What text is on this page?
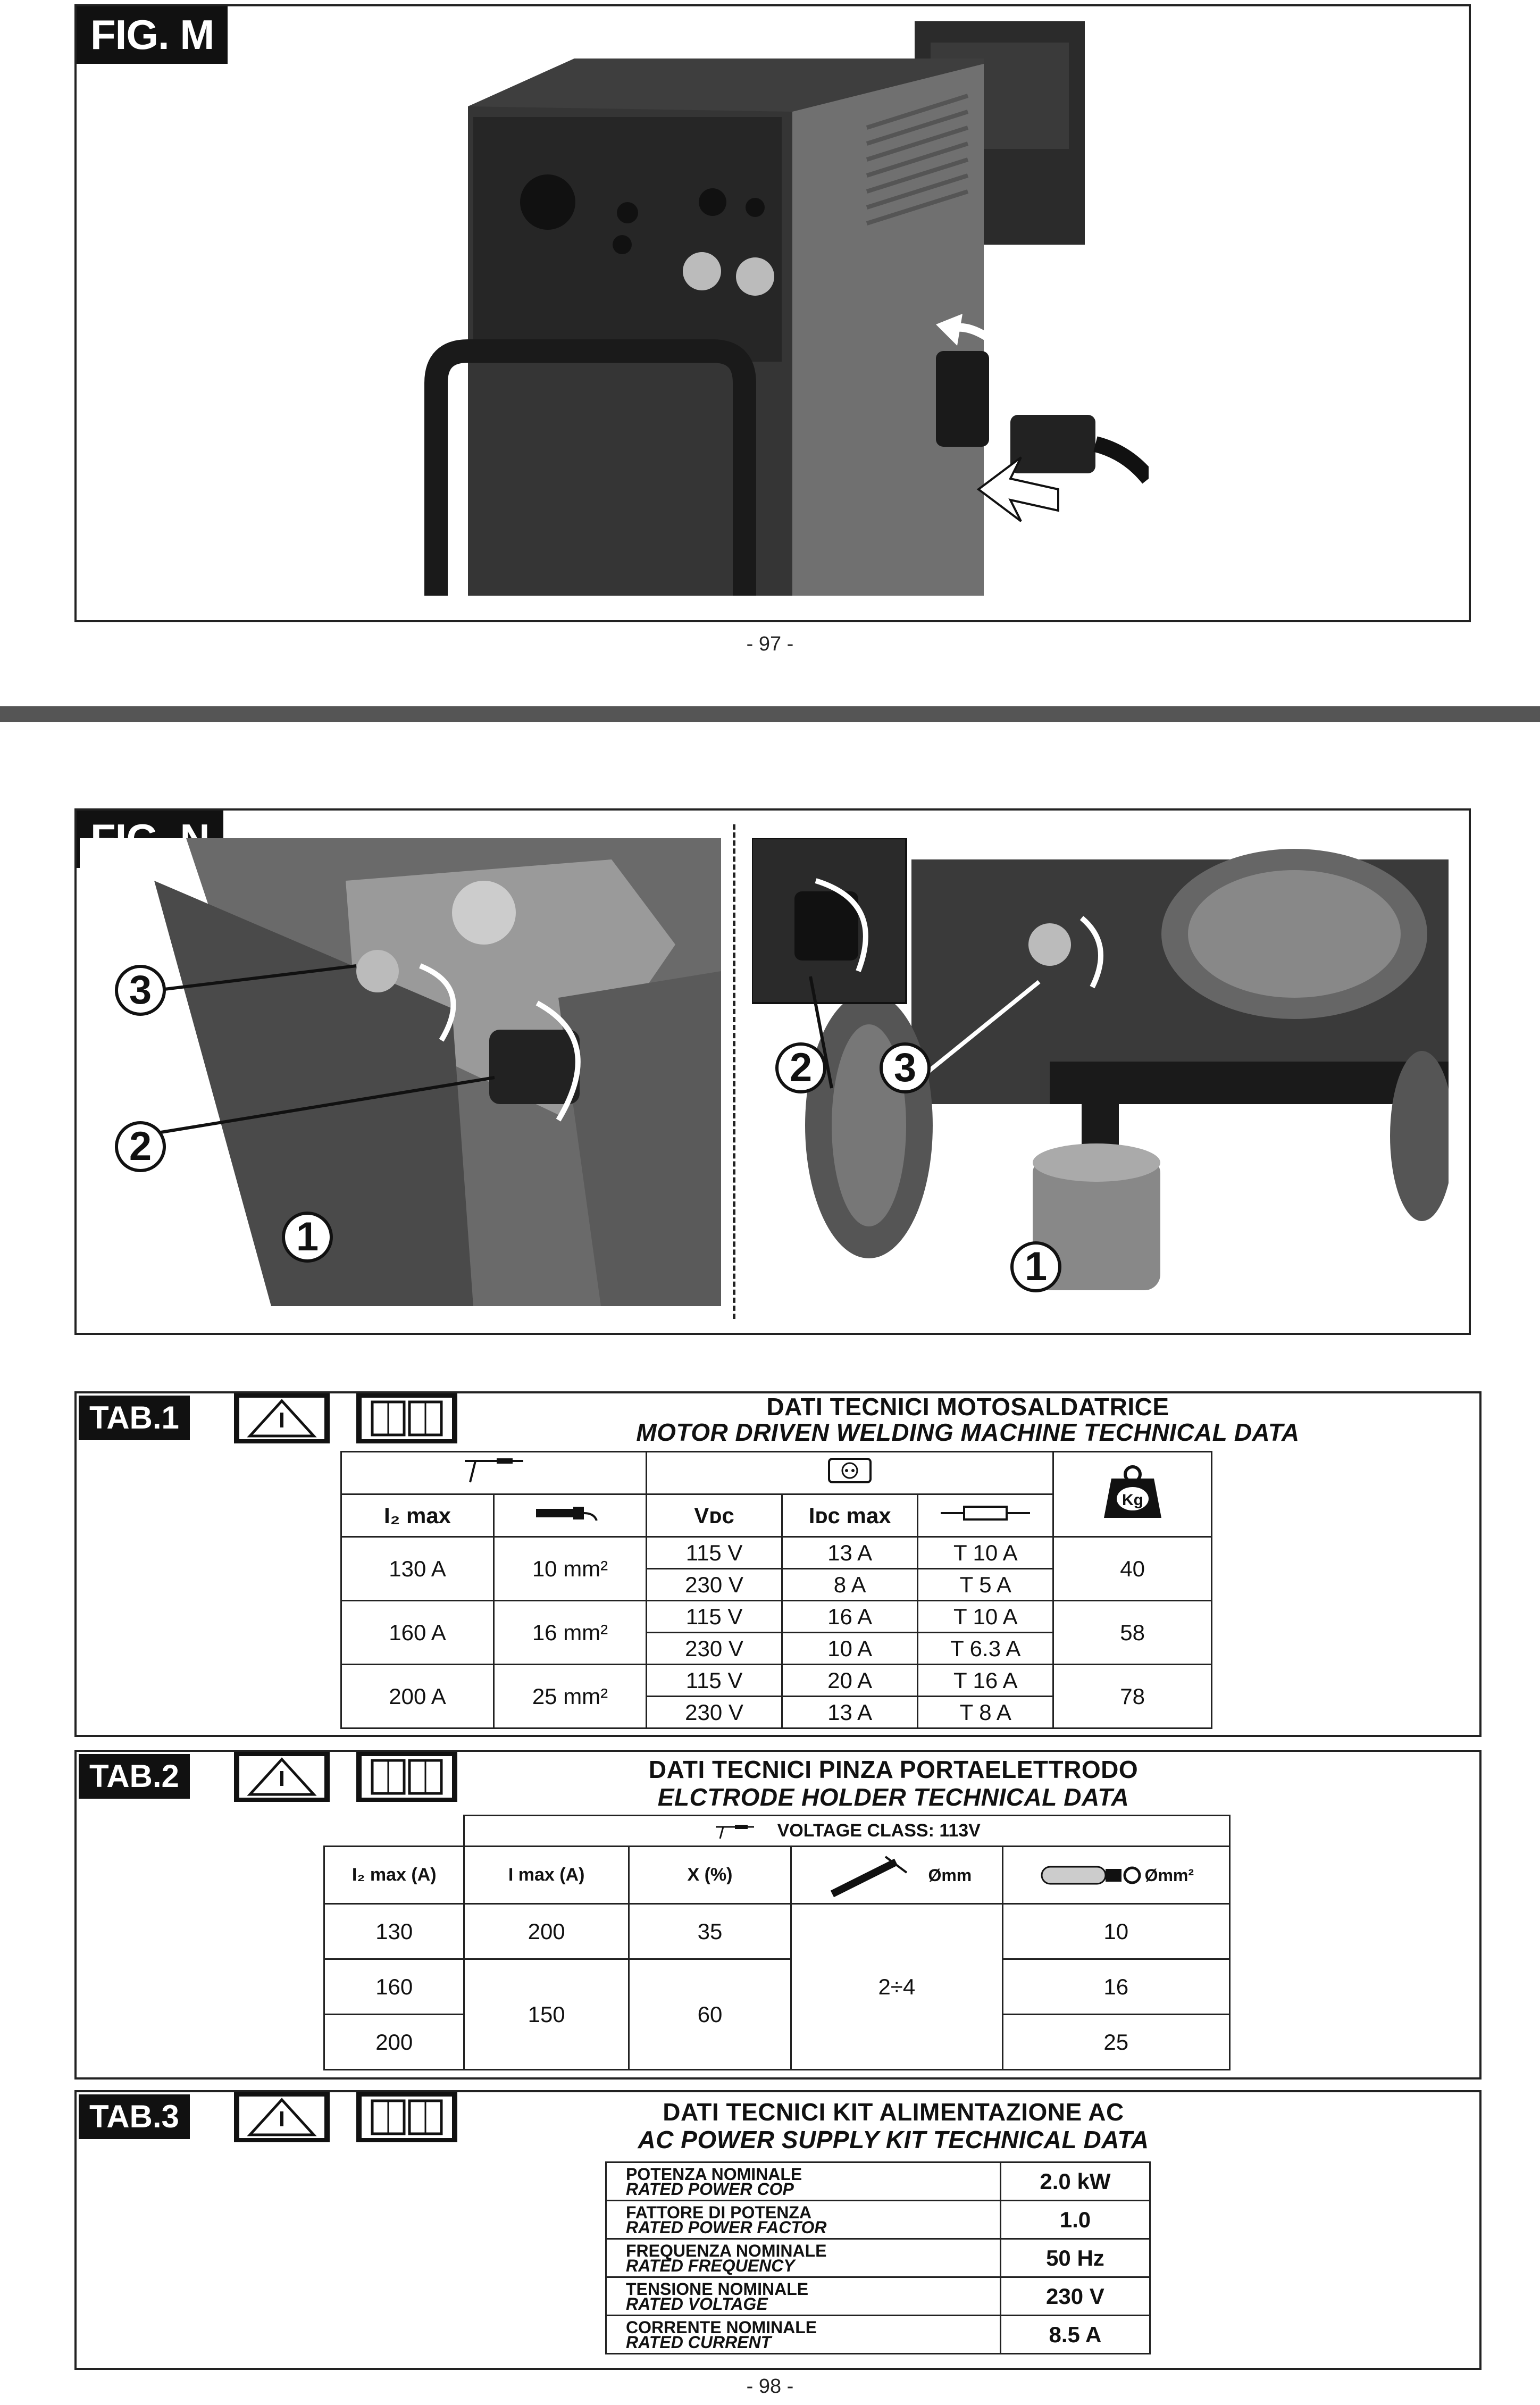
FIG. M
- 97 -
3
2
1
2	3
1
TAB.1	DATI TECNICI MOTOSALDATRICE
MOTOR DRIVEN WELDING MACHINE TECHNICAL DATA

Kg

I₂ max		Vᴅᴄ	Iᴅᴄ max	
130 A	10 mm²	115 V	13 A	T 10 A	40
		230 V	8 A	T 5 A	
160 A	16 mm²	115 V	16 A	T 10 A	58
		230 V	10 A	T 6.3 A	
200 A	25 mm²	115 V	20 A	T 16 A	78
		230 V	13 A	T 8 A	
TAB.2	DATI TECNICI PINZA PORTAELETTRODO
ELCTRODE HOLDER TECHNICAL DATA
	VOLTAGE CLASS: 113V			
I₂ max (A)	I max (A)	X (%)	Ømm	Ømm²
130	200	35	2÷4	10
160	150	60		16
200				25
TAB.3	DATI TECNICI KIT ALIMENTAZIONE AC
AC POWER SUPPLY KIT TECHNICAL DATA
POTENZA NOMINALE
RATED POWER COP	2.0 kW

FATTORE DI POTENZA
RATED POWER FACTOR	1.0

FREQUENZA NOMINALE
RATED FREQUENCY	50 Hz

TENSIONE NOMINALE
RATED VOLTAGE	230 V

CORRENTE NOMINALE
RATED CURRENT	8.5 A
- 98 -
